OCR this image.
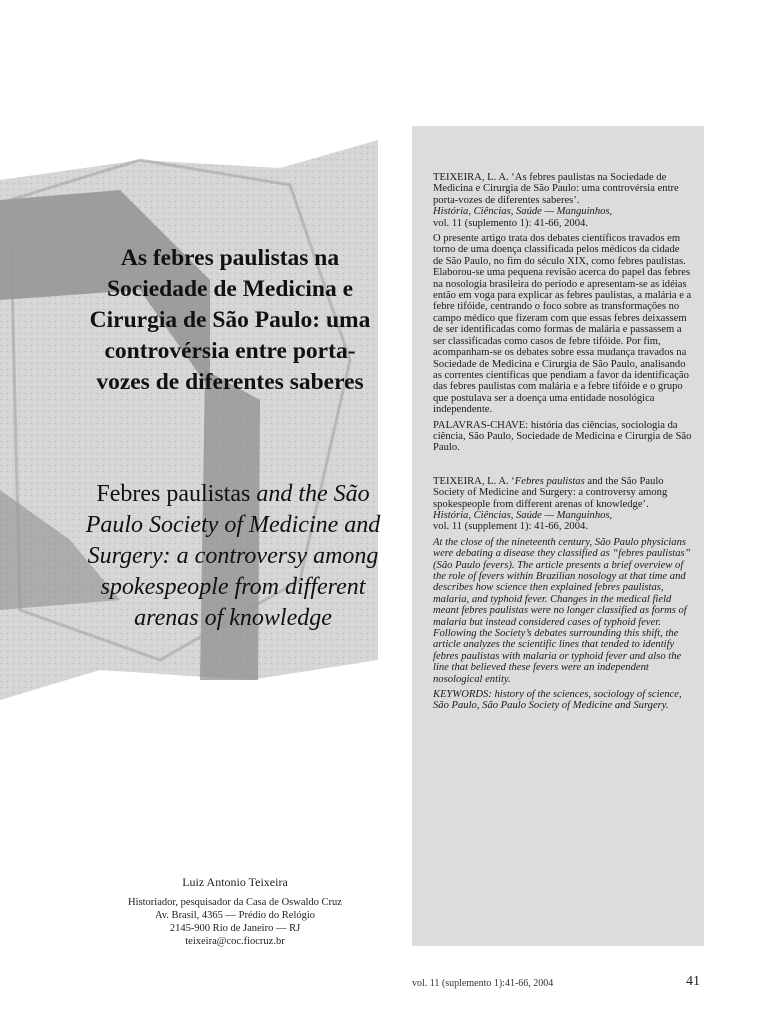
As febres paulistas na Sociedade de Medicina e Cirurgia de São Paulo: uma controvérsia entre porta-vozes de diferentes saberes
Febres paulistas and the São Paulo Society of Medicine and Surgery: a controversy among spokespeople from different arenas of knowledge
Luiz Antonio Teixeira
Historiador, pesquisador da Casa de Oswaldo Cruz
Av. Brasil, 4365 — Prédio do Relógio
2145-900 Rio de Janeiro — RJ
teixeira@coc.fiocruz.br

TEIXEIRA, L. A. ‘As febres paulistas na Sociedade de Medicina e Cirurgia de São Paulo: uma controvérsia entre porta-vozes de diferentes saberes’.
História, Ciências, Saúde — Manguinhos,
vol. 11 (suplemento 1): 41-66, 2004.

O presente artigo trata dos debates científicos travados em torno de uma doença classificada pelos médicos da cidade de São Paulo, no fim do século XIX, como febres paulistas. Elaborou-se uma pequena revisão acerca do papel das febres na nosologia brasileira do período e apresentam-se as idéias então em voga para explicar as febres paulistas, a malária e a febre tifóide, centrando o foco sobre as transformações no campo médico que fizeram com que essas febres deixassem de ser identificadas como formas de malária e passassem a ser classificadas como casos de febre tifóide. Por fim, acompanham-se os debates sobre essa mudança travados na Sociedade de Medicina e Cirurgia de São Paulo, analisando as correntes científicas que pendiam a favor da identificação das febres paulistas com malária e a febre tifóide e o grupo que postulava ser a doença uma entidade nosológica independente.

PALAVRAS-CHAVE: história das ciências, sociologia da ciência, São Paulo, Sociedade de Medicina e Cirurgia de São Paulo.

TEIXEIRA, L. A. ‘Febres paulistas and the São Paulo Society of Medicine and Surgery: a controversy among spokespeople from different arenas of knowledge’.
História, Ciências, Saúde — Manguinhos,
vol. 11 (supplement 1): 41-66, 2004.

At the close of the nineteenth century, São Paulo physicians were debating a disease they classified as “febres paulistas” (São Paulo fevers). The article presents a brief overview of the role of fevers within Brazilian nosology at that time and describes how science then explained febres paulistas, malaria, and typhoid fever. Changes in the medical field meant febres paulistas were no longer classified as forms of malaria but instead considered cases of typhoid fever. Following the Society’s debates surrounding this shift, the article analyzes the scientific lines that tended to identify febres paulistas with malaria or typhoid fever and also the line that believed these fevers were an independent nosological entity.

KEYWORDS: history of the sciences, sociology of science, São Paulo, São Paulo Society of Medicine and Surgery.

vol. 11 (suplemento 1):41-66, 2004	41
